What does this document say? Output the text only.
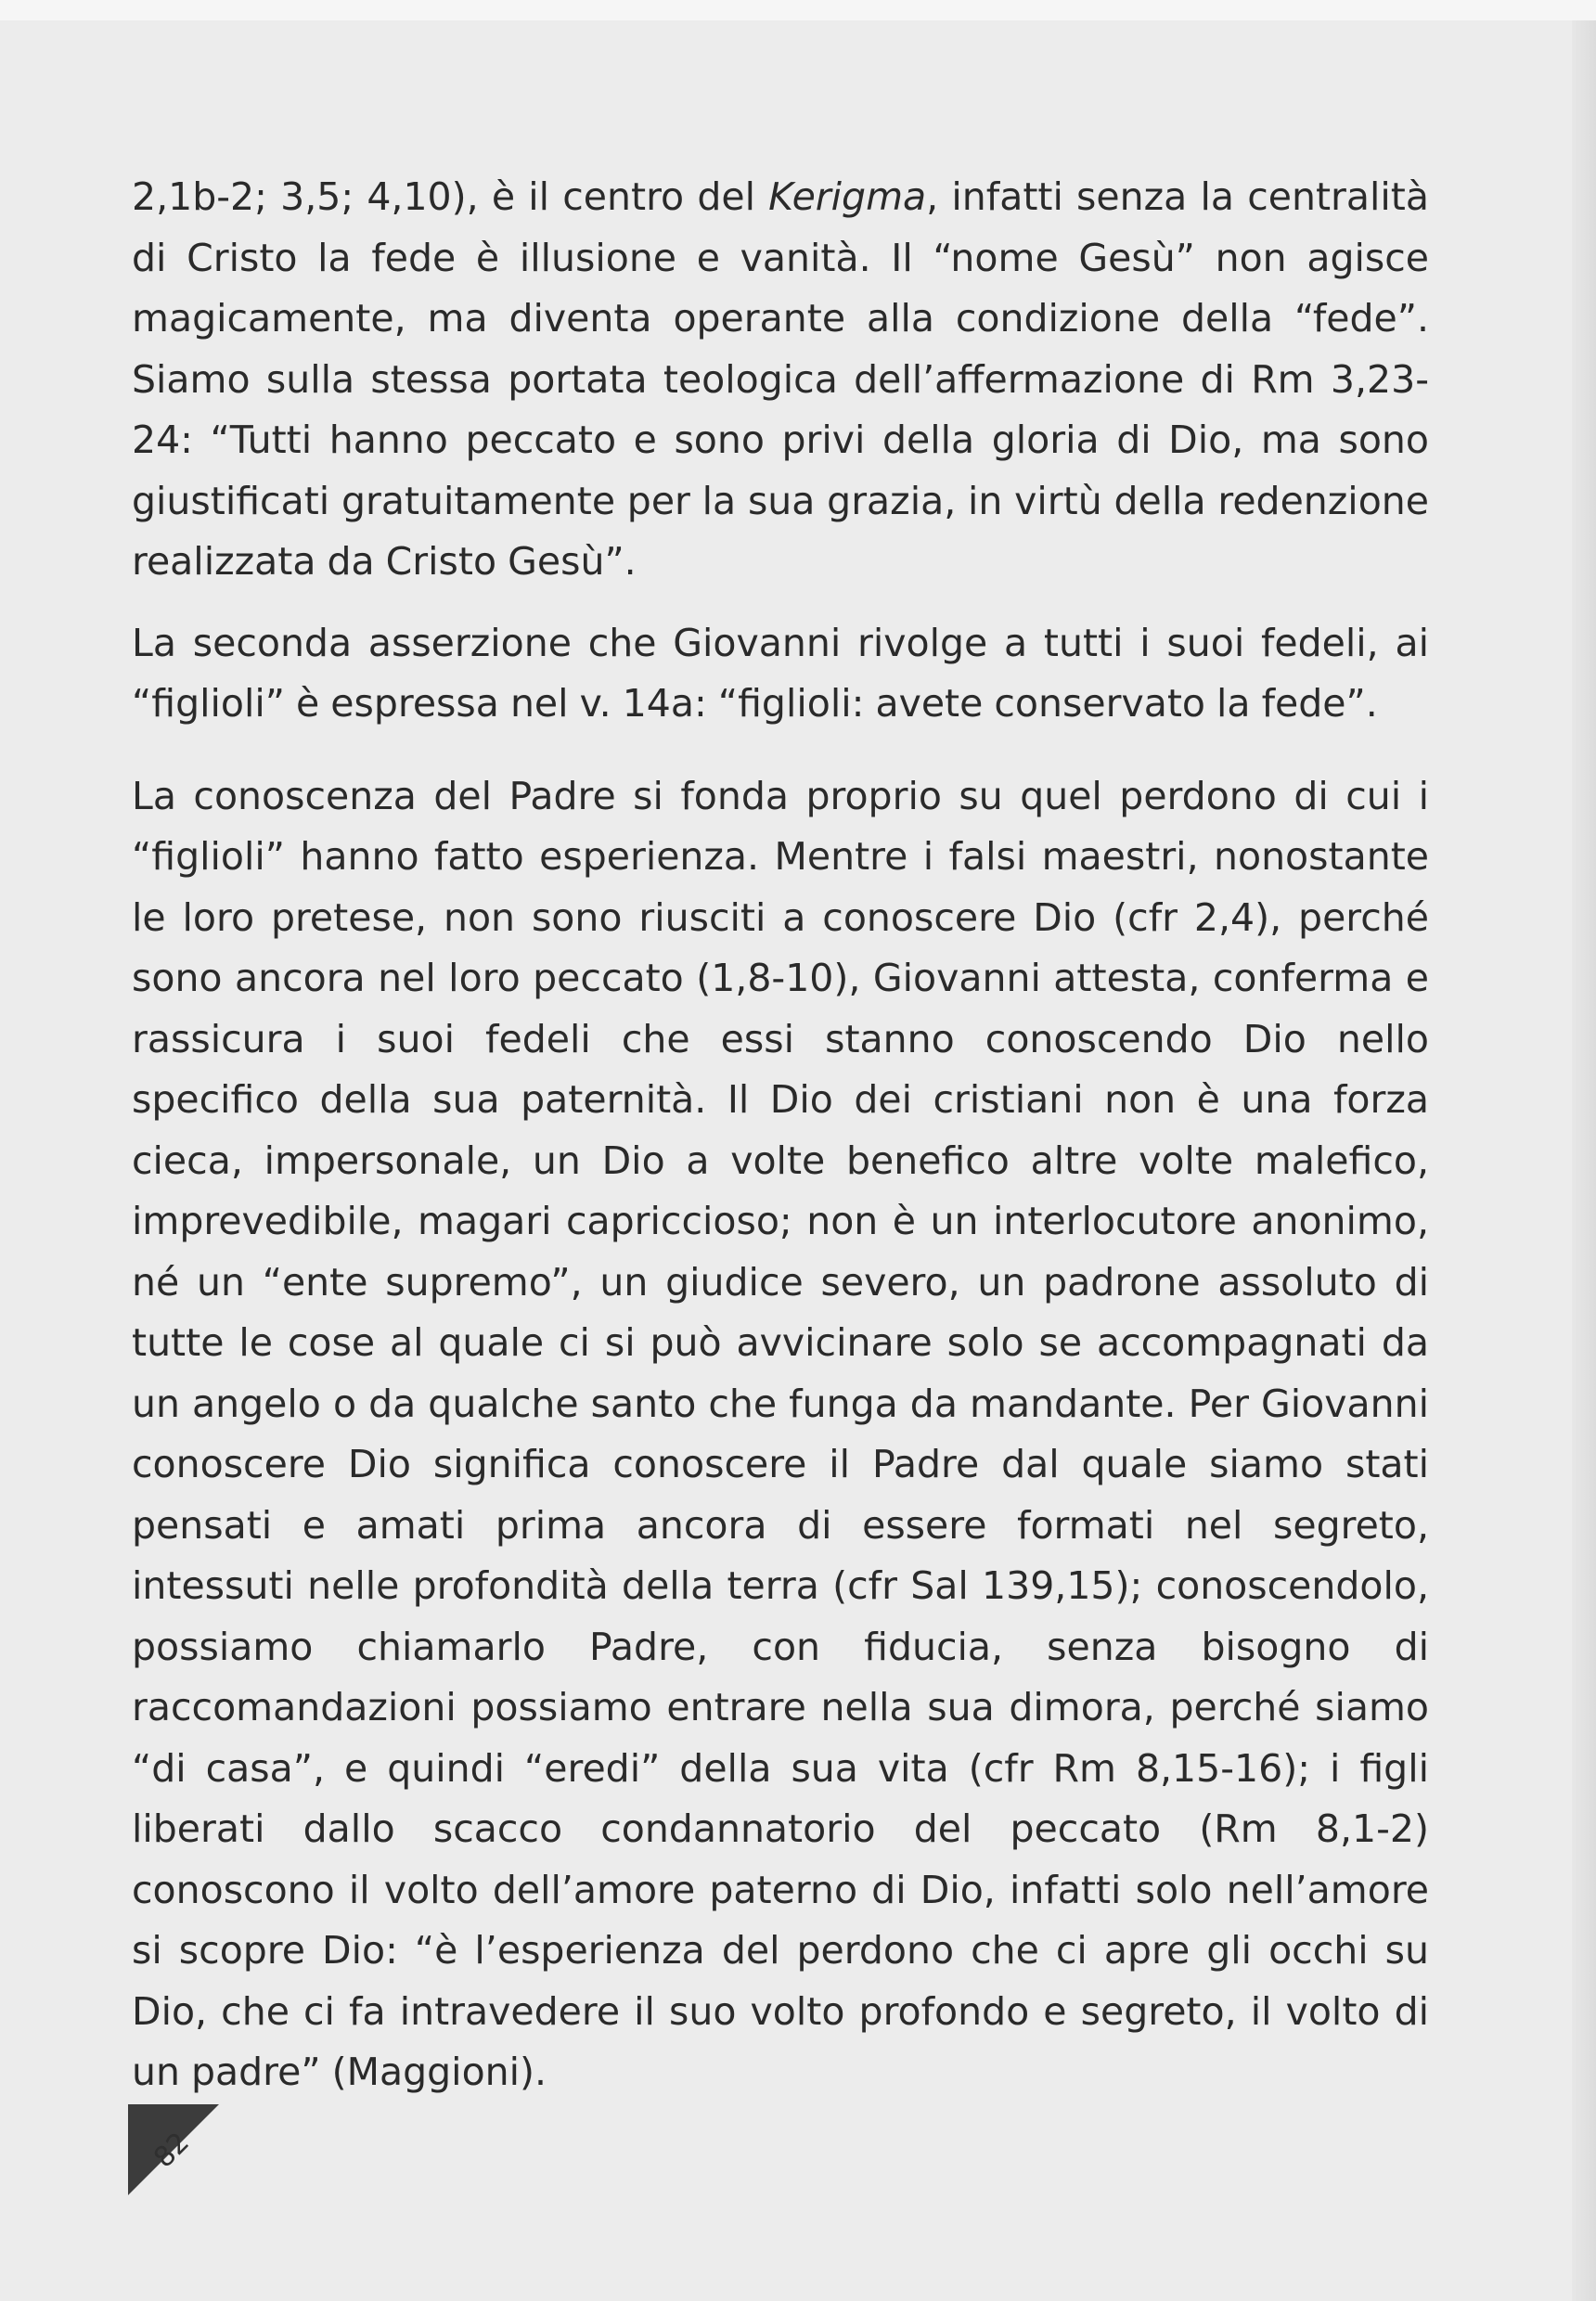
2,1b-2; 3,5; 4,10), è il centro del Kerigma, infatti senza la centralità di Cristo la fede è illusione e vanità. Il “nome Gesù” non agisce magicamente, ma diventa operante alla condizione della “fede”. Siamo sulla stessa portata teologica dell’affermazione di Rm 3,23-24: “Tutti hanno peccato e sono privi della gloria di Dio, ma sono giustificati gratuitamente per la sua grazia, in virtù della redenzione realizzata da Cristo Gesù”.

La seconda asserzione che Giovanni rivolge a tutti i suoi fedeli, ai “figlioli” è espressa nel v. 14a: “figlioli: avete conservato la fede”.

La conoscenza del Padre si fonda proprio su quel perdono di cui i “figlioli” hanno fatto esperienza. Mentre i falsi maestri, nonostante le loro pretese, non sono riusciti a conoscere Dio (cfr 2,4), perché sono ancora nel loro peccato (1,8-10), Giovanni attesta, conferma e rassicura i suoi fedeli che essi stanno conoscendo Dio nello specifico della sua paternità. Il Dio dei cristiani non è una forza cieca, impersonale, un Dio a volte benefico altre volte malefico, imprevedibile, magari capriccioso; non è un interlocutore anonimo, né un “ente supremo”, un giudice severo, un padrone assoluto di tutte le cose al quale ci si può avvicinare solo se accompagnati da un angelo o da qualche santo che funga da mandante. Per Giovanni conoscere Dio significa conoscere il Padre dal quale siamo stati pensati e amati prima ancora di essere formati nel segreto, intessuti nelle profondità della terra (cfr Sal 139,15); conoscendolo, possiamo chiamarlo Padre, con fiducia, senza bisogno di raccomandazioni possiamo entrare nella sua dimora, perché siamo “di casa”, e quindi “eredi” della sua vita (cfr Rm 8,15-16); i figli liberati dallo scacco condannatorio del peccato (Rm 8,1-2) conoscono il volto dell’amore paterno di Dio, infatti solo nell’amore si scopre Dio: “è l’esperienza del perdono che ci apre gli occhi su Dio, che ci fa intravedere il suo volto profondo e segreto, il volto di un padre” (Maggioni).

82
